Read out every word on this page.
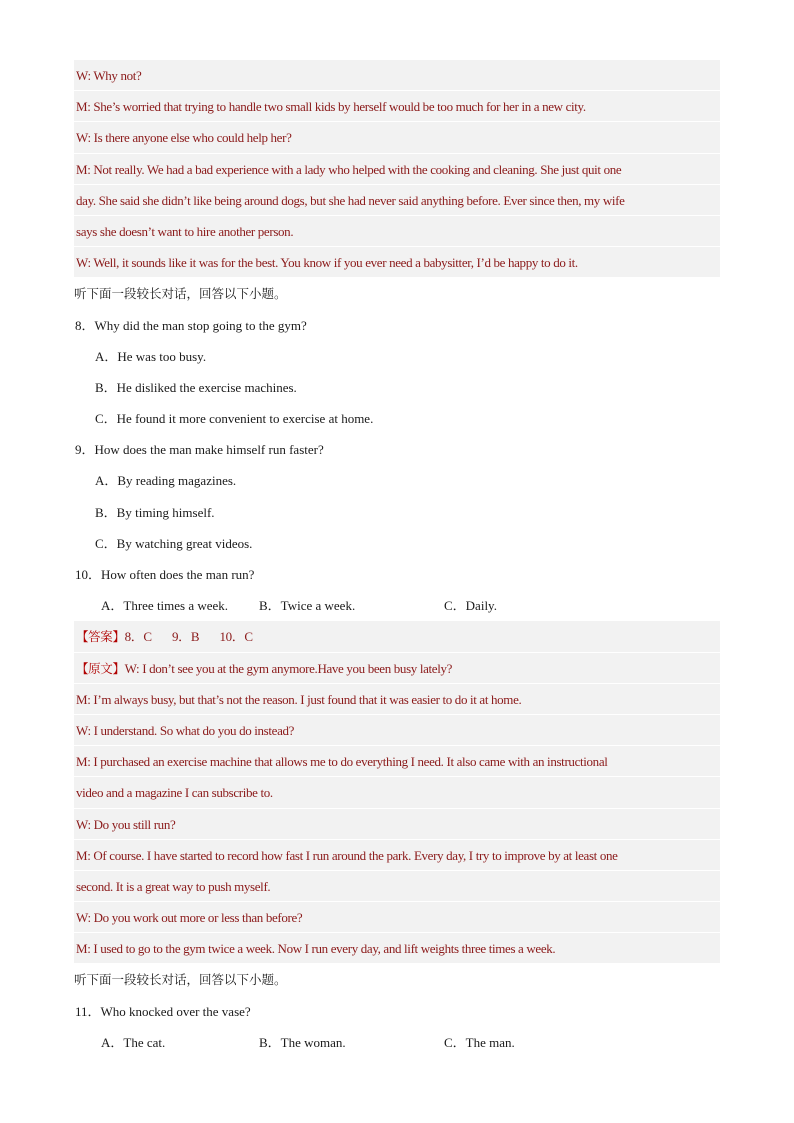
W: Why not?
M: She’s worried that trying to handle two small kids by herself would be too much for her in a new city.
W: Is there anyone else who could help her?
M: Not really. We had a bad experience with a lady who helped with the cooking and cleaning. She just quit one
day. She said she didn’t like being around dogs, but she had never said anything before. Ever since then, my wife
says she doesn’t want to hire another person.
W: Well, it sounds like it was for the best. You know if you ever need a babysitter, I’d be happy to do it.
听下面一段较长对话，回答以下小题。
8．Why did the man stop going to the gym?
A．He was too busy.
B．He disliked the exercise machines.
C．He found it more convenient to exercise at home.
9．How does the man make himself run faster?
A．By reading magazines.
B．By timing himself.
C．By watching great videos.
10．How often does the man run?
A．Three times a week.	B．Twice a week.	C．Daily.
【答案】8．C       9．B       10．C
【原文】W: I don’t see you at the gym anymore.Have you been busy lately?
M: I’m always busy, but that’s not the reason. I just found that it was easier to do it at home.
W: I understand. So what do you do instead?
M: I purchased an exercise machine that allows me to do everything I need. It also came with an instructional
video and a magazine I can subscribe to.
W: Do you still run?
M: Of course. I have started to record how fast I run around the park. Every day, I try to improve by at least one
second. It is a great way to push myself.
W: Do you work out more or less than before?
M: I used to go to the gym twice a week. Now I run every day, and lift weights three times a week.
听下面一段较长对话，回答以下小题。
11．Who knocked over the vase?
A．The cat.	B．The woman.	C．The man.
